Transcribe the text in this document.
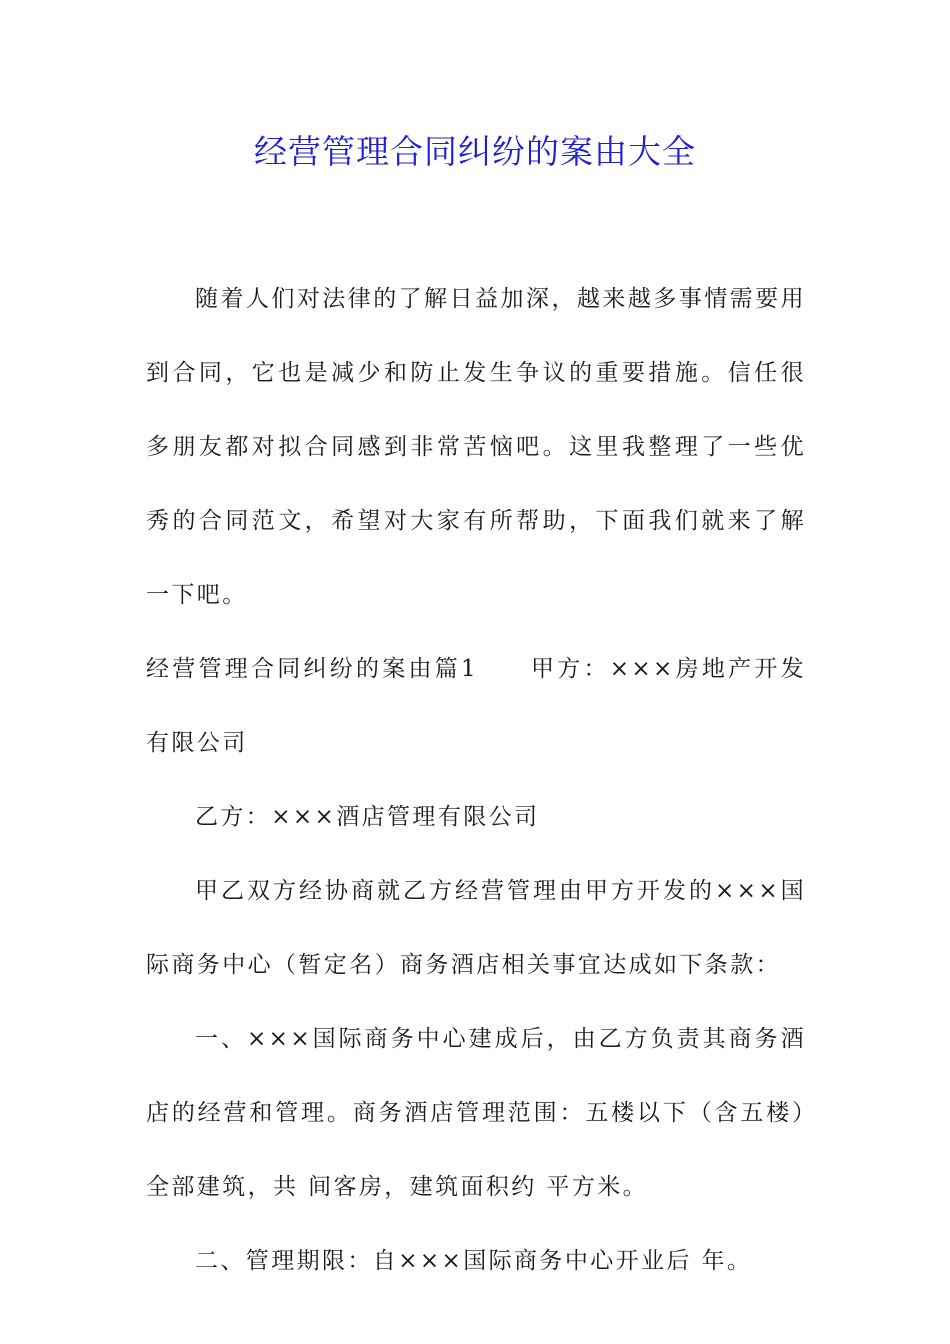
经营管理合同纠纷的案由大全

随着人们对法律的了解日益加深，越来越多事情需要用到合同，它也是减少和防止发生争议的重要措施。信任很多朋友都对拟合同感到非常苦恼吧。这里我整理了一些优秀的合同范文，希望对大家有所帮助，下面我们就来了解一下吧。

经营管理合同纠纷的案由篇1 甲方：×××房地产开发有限公司

乙方：×××酒店管理有限公司

甲乙双方经协商就乙方经营管理由甲方开发的×××国际商务中心（暂定名）商务酒店相关事宜达成如下条款：

一、×××国际商务中心建成后，由乙方负责其商务酒店的经营和管理。商务酒店管理范围：五楼以下（含五楼）全部建筑，共 间客房，建筑面积约 平方米。

二、管理期限：自×××国际商务中心开业后 年。
